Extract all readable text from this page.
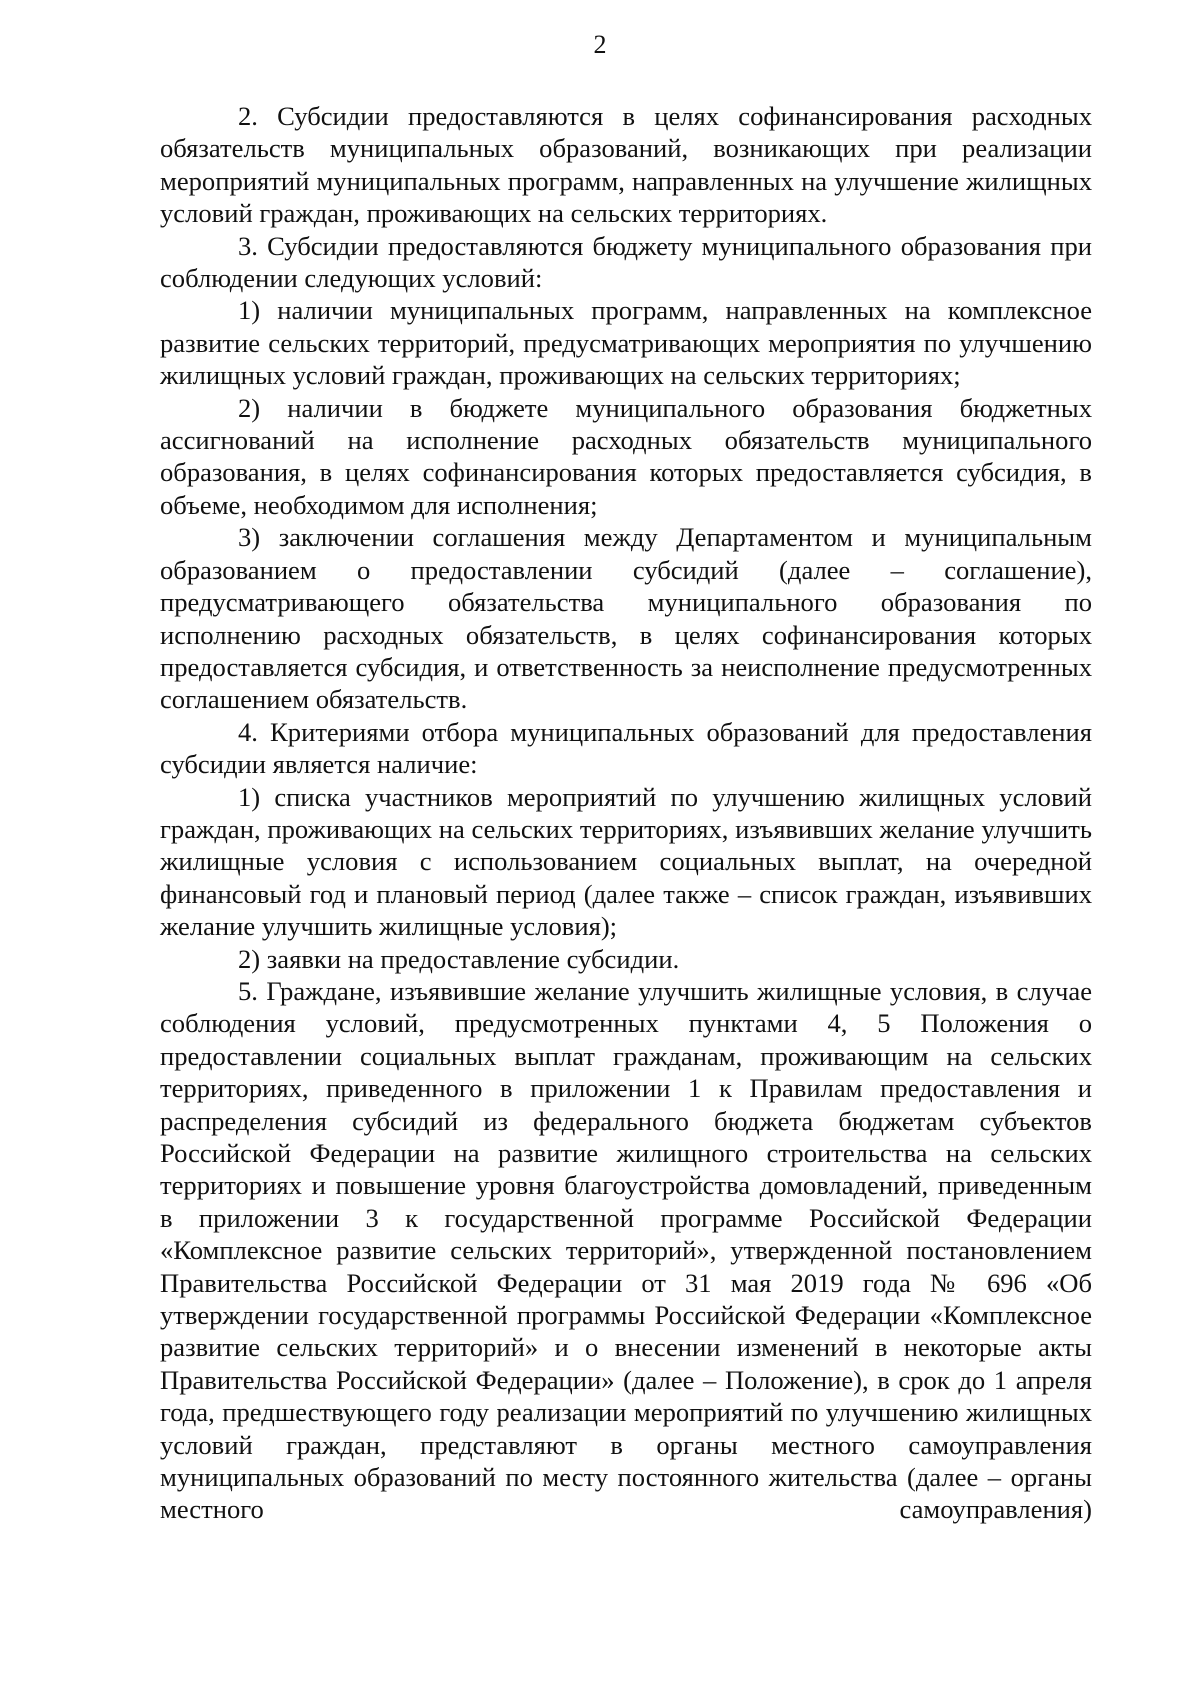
2

2. Субсидии предоставляются в целях софинансирования расходных обязательств муниципальных образований, возникающих при реализации мероприятий муниципальных программ, направленных на улучшение жилищных условий граждан, проживающих на сельских территориях.

3. Субсидии предоставляются бюджету муниципального образования при соблюдении следующих условий:

1) наличии муниципальных программ, направленных на комплексное развитие сельских территорий, предусматривающих мероприятия по улучшению жилищных условий граждан, проживающих на сельских территориях;

2) наличии в бюджете муниципального образования бюджетных ассигнований на исполнение расходных обязательств муниципального образования, в целях софинансирования которых предоставляется субсидия, в объеме, необходимом для исполнения;

3) заключении соглашения между Департаментом и муниципальным образованием о предоставлении субсидий (далее – соглашение), предусматривающего обязательства муниципального образования по исполнению расходных обязательств, в целях софинансирования которых предоставляется субсидия, и ответственность за неисполнение предусмотренных соглашением обязательств.

4. Критериями отбора муниципальных образований для предоставления субсидии является наличие:

1) списка участников мероприятий по улучшению жилищных условий граждан, проживающих на сельских территориях, изъявивших желание улучшить жилищные условия с использованием социальных выплат, на очередной финансовый год и плановый период (далее также – список граждан, изъявивших желание улучшить жилищные условия);

2) заявки на предоставление субсидии.

5. Граждане, изъявившие желание улучшить жилищные условия, в случае соблюдения условий, предусмотренных пунктами 4, 5 Положения о предоставлении социальных выплат гражданам, проживающим на сельских территориях, приведенного в приложении 1 к Правилам предоставления и распределения субсидий из федерального бюджета бюджетам субъектов Российской Федерации на развитие жилищного строительства на сельских территориях и повышение уровня благоустройства домовладений, приведенным в приложении 3 к государственной программе Российской Федерации «Комплексное развитие сельских территорий», утвержденной постановлением Правительства Российской Федерации от 31 мая 2019 года № 696 «Об утверждении государственной программы Российской Федерации «Комплексное развитие сельских территорий» и о внесении изменений в некоторые акты Правительства Российской Федерации» (далее – Положение), в срок до 1 апреля года, предшествующего году реализации мероприятий по улучшению жилищных условий граждан, представляют в органы местного самоуправления муниципальных образований по месту постоянного жительства (далее – органы местного самоуправления)
